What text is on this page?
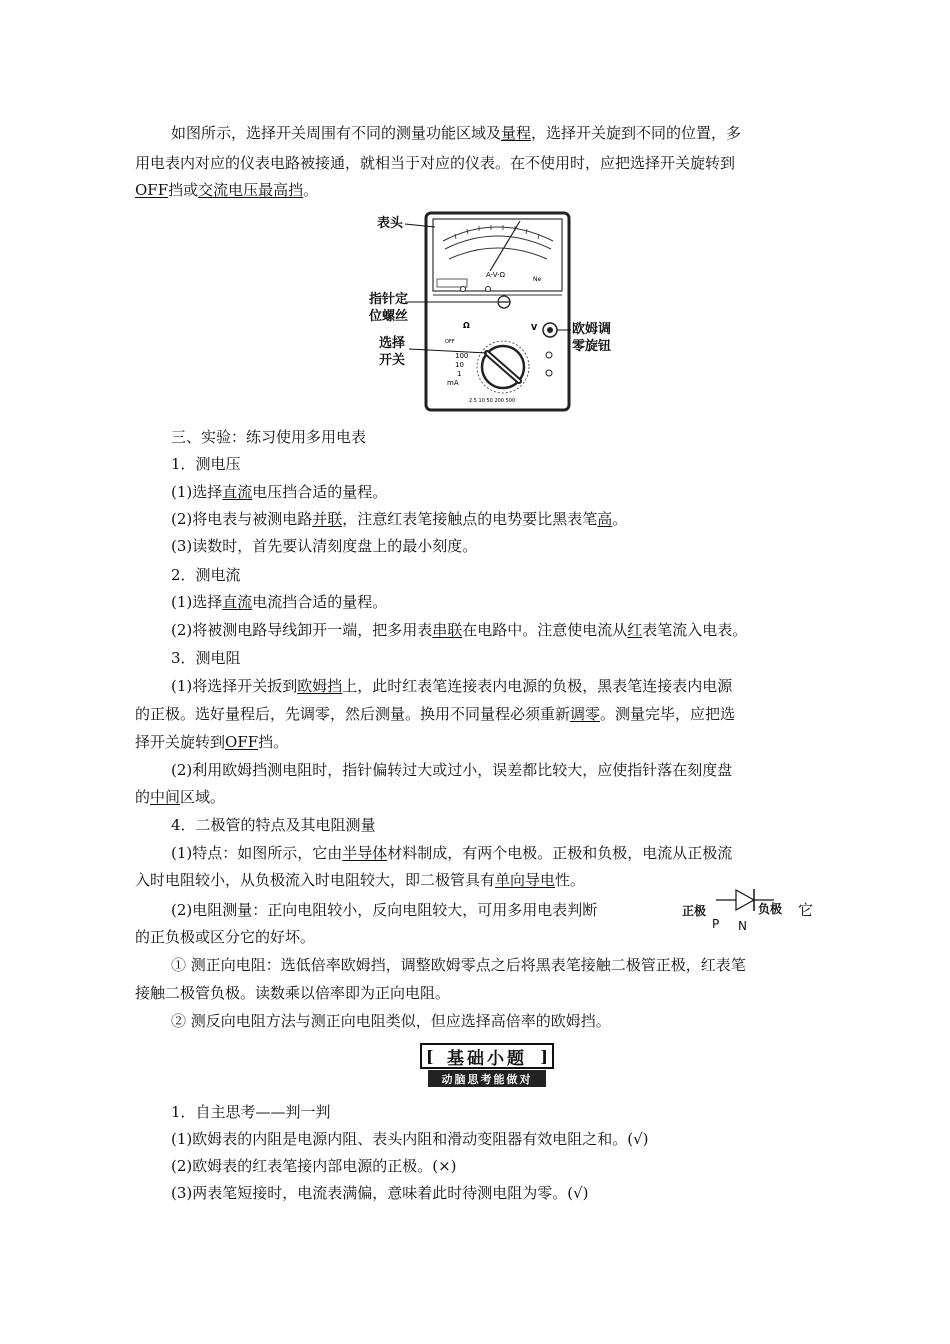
如图所示，选择开关周围有不同的测量功能区域及量程，选择开关旋到不同的位置，多
用电表内对应的仪表电路被接通，就相当于对应的仪表。在不使用时，应把选择开关旋转到
OFF挡或交流电压最高挡。
表头
指针定
位螺丝
选择
开关
欧姆调
零旋钮
A-V-Ω
Ne
Ω
OFF
V
100
10
1
mA
2.5 10 50 200 500
三、实验：练习使用多用电表
1．测电压
(1)选择直流电压挡合适的量程。
(2)将电表与被测电路并联，注意红表笔接触点的电势要比黑表笔高。
(3)读数时，首先要认清刻度盘上的最小刻度。
2．测电流
(1)选择直流电流挡合适的量程。
(2)将被测电路导线卸开一端，把多用表串联在电路中。注意使电流从红表笔流入电表。
3．测电阻
(1)将选择开关扳到欧姆挡上，此时红表笔连接表内电源的负极，黑表笔连接表内电源
的正极。选好量程后，先调零，然后测量。换用不同量程必须重新调零。测量完毕，应把选
择开关旋转到OFF挡。
(2)利用欧姆挡测电阻时，指针偏转过大或过小，误差都比较大，应使指针落在刻度盘
的中间区域。
4．二极管的特点及其电阻测量
(1)特点：如图所示，它由半导体材料制成，有两个电极。正极和负极，电流从正极流
入时电阻较小，从负极流入时电阻较大，即二极管具有单向导电性。
(2)电阻测量：正向电阻较小，反向电阻较大，可用多用电表判断	正极	负极
P N
它
的正负极或区分它的好坏。
① 测正向电阻：选低倍率欧姆挡，调整欧姆零点之后将黑表笔接触二极管正极，红表笔
接触二极管负极。读数乘以倍率即为正向电阻。
② 测反向电阻方法与测正向电阻类似，但应选择高倍率的欧姆挡。
[ 基础小题 ]
动脑思考能做对
1．自主思考——判一判
(1)欧姆表的内阻是电源内阻、表头内阻和滑动变阻器有效电阻之和。(√)
(2)欧姆表的红表笔接内部电源的正极。(×)
(3)两表笔短接时，电流表满偏，意味着此时待测电阻为零。(√)
